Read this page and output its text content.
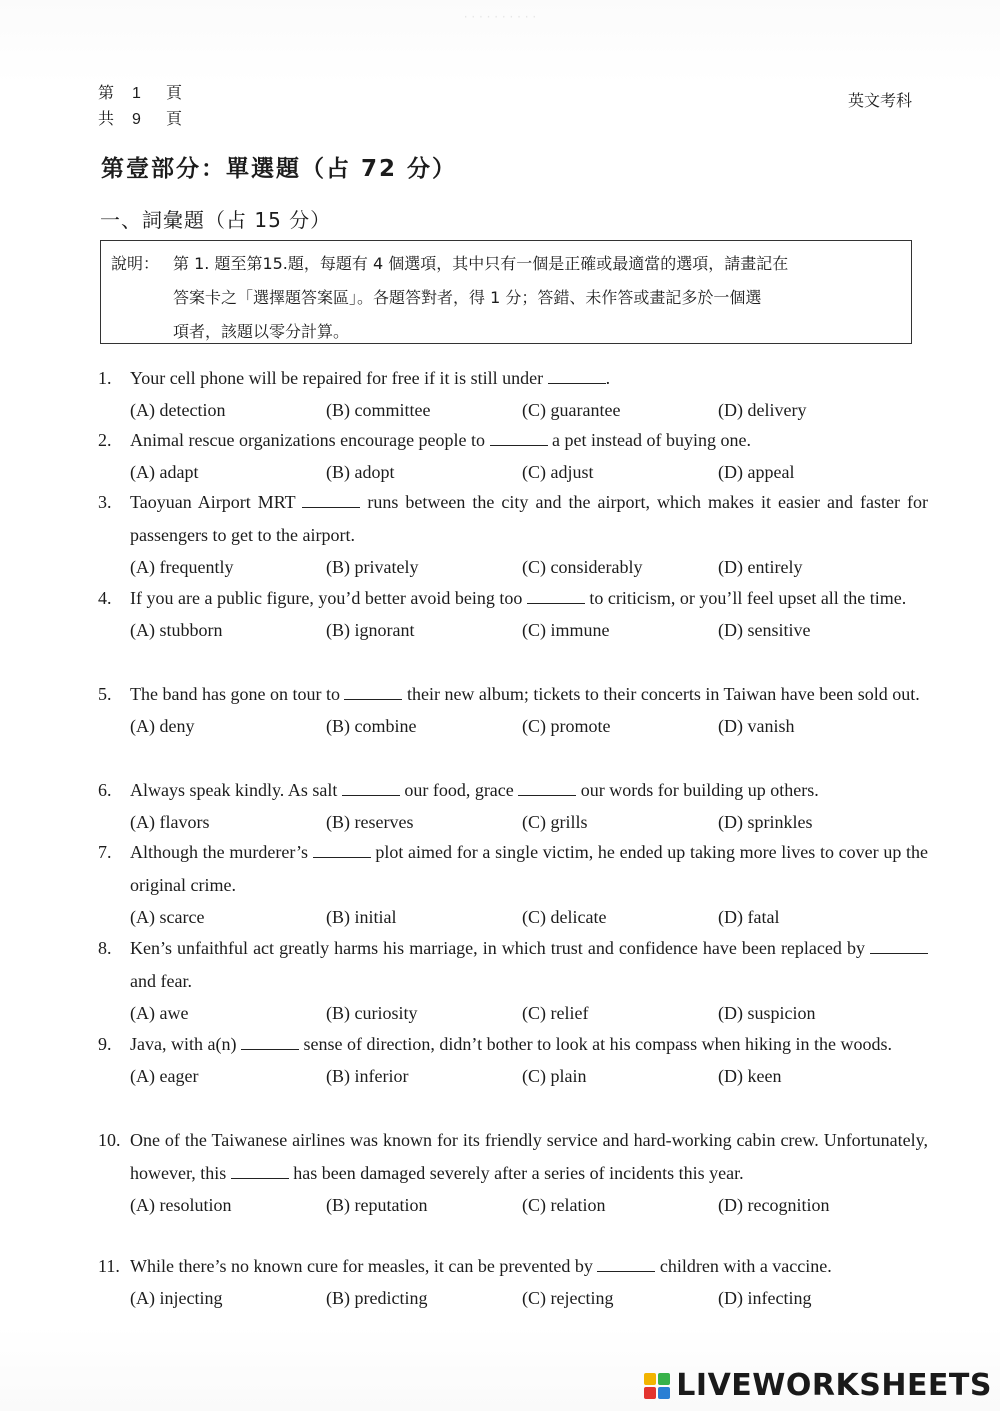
· · · · · · · · · ·
第 1 頁
共 9 頁
英文考科
第壹部分：單選題（占 72 分）
一、詞彙題（占 15 分）
說明： 第 1. 題至第15.題，每題有 4 個選項，其中只有一個是正確或最適當的選項，請畫記在
答案卡之「選擇題答案區」。各題答對者，得 1 分；答錯、未作答或畫記多於一個選
項者，該題以零分計算。
1.	Your cell phone will be repaired for free if it is still under	.
(A) detection	(B) committee	(C) guarantee	(D) delivery
2.	Animal rescue organizations encourage people to	a pet instead of buying one.
(A) adapt	(B) adopt	(C) adjust	(D) appeal
3.	Taoyuan Airport MRT	runs between the city and the airport, which makes it easier and faster for passengers to get to the airport.
(A) frequently	(B) privately	(C) considerably	(D) entirely
4.	If you are a public figure, you’d better avoid being too	to criticism, or you’ll feel upset all the time.
(A) stubborn	(B) ignorant	(C) immune	(D) sensitive
5.	The band has gone on tour to	their new album; tickets to their concerts in Taiwan have been sold out.
(A) deny	(B) combine	(C) promote	(D) vanish
6.	Always speak kindly. As salt	our food, grace	our words for building up others.
(A) flavors	(B) reserves	(C) grills	(D) sprinkles
7.	Although the murderer’s	plot aimed for a single victim, he ended up taking more lives to cover up the original crime.
(A) scarce	(B) initial	(C) delicate	(D) fatal
8.	Ken’s unfaithful act greatly harms his marriage, in which trust and confidence have been replaced by  and fear.
(A) awe	(B) curiosity	(C) relief	(D) suspicion
9.	Java, with a(n)	sense of direction, didn’t bother to look at his compass when hiking in the woods.
(A) eager	(B) inferior	(C) plain	(D) keen
10. One of the Taiwanese airlines was known for its friendly service and hard-working cabin crew. Unfortunately, however, this	has been damaged severely after a series of incidents this year.
(A) resolution	(B) reputation	(C) relation	(D) recognition
11. While there’s no known cure for measles, it can be prevented by	children with a vaccine.
(A) injecting	(B) predicting	(C) rejecting	(D) infecting
LIVEWORKSHEETS
